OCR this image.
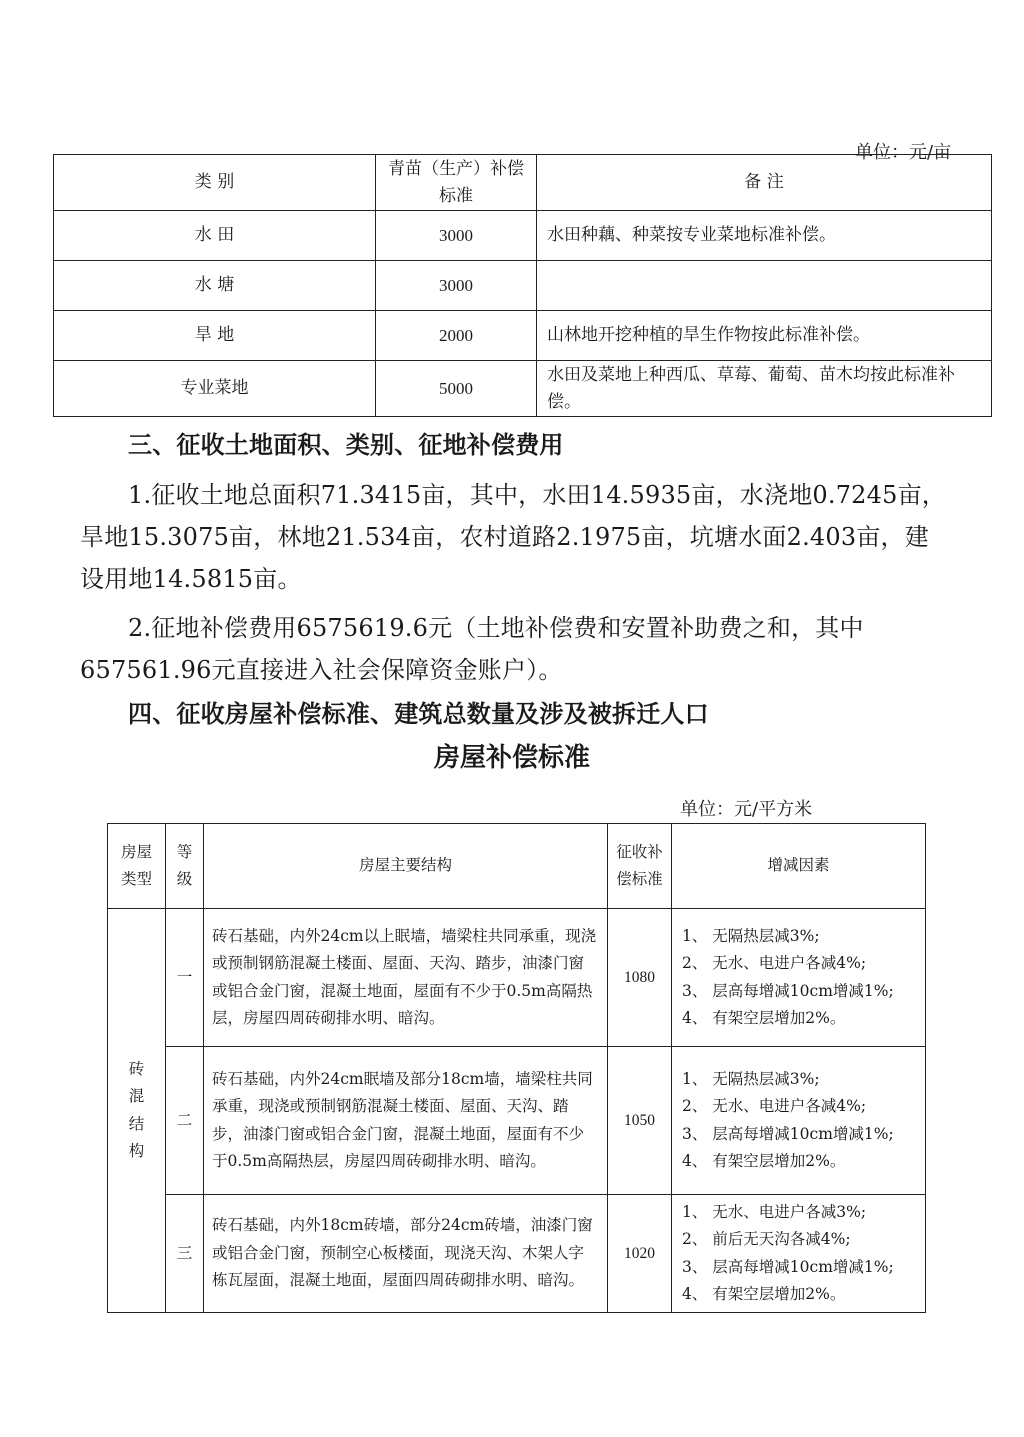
单位：元/亩
类 别	青苗（生产）补偿标准	备 注
水 田	3000	水田种藕、种菜按专业菜地标准补偿。
水 塘	3000	
旱 地	2000	山林地开挖种植的旱生作物按此标准补偿。
专业菜地	5000	水田及菜地上种西瓜、草莓、葡萄、苗木均按此标准补偿。
三、征收土地面积、类别、征地补偿费用
1.征收土地总面积71.3415亩，其中，水田14.5935亩，水浇地0.7245亩，旱地15.3075亩，林地21.534亩，农村道路2.1975亩，坑塘水面2.403亩，建设用地14.5815亩。
2.征地补偿费用6575619.6元（土地补偿费和安置补助费之和，其中657561.96元直接进入社会保障资金账户）。
四、征收房屋补偿标准、建筑总数量及涉及被拆迁人口
房屋补偿标准
单位：元/平方米
房屋类型	等级	房屋主要结构	征收补偿标准	增减因素
砖混结构	一	砖石基础，内外24cm以上眠墙，墙梁柱共同承重，现浇或预制钢筋混凝土楼面、屋面、天沟、踏步，油漆门窗或铝合金门窗，混凝土地面，屋面有不少于0.5m高隔热层，房屋四周砖砌排水明、暗沟。	1080	1、 无隔热层减3%;
2、 无水、电进户各减4%;
3、 层高每增减10cm增减1%;
4、 有架空层增加2%。

	二	砖石基础，内外24cm眠墙及部分18cm墙，墙梁柱共同承重，现浇或预制钢筋混凝土楼面、屋面、天沟、踏步，油漆门窗或铝合金门窗，混凝土地面，屋面有不少于0.5m高隔热层，房屋四周砖砌排水明、暗沟。	1050	1、 无隔热层减3%;
2、 无水、电进户各减4%;
3、 层高每增减10cm增减1%;
4、 有架空层增加2%。

	三	砖石基础，内外18cm砖墙，部分24cm砖墙，油漆门窗或铝合金门窗，预制空心板楼面，现浇天沟、木架人字栋瓦屋面，混凝土地面，屋面四周砖砌排水明、暗沟。	1020	1、 无水、电进户各减3%;
2、 前后无天沟各减4%;
3、 层高每增减10cm增减1%;
4、 有架空层增加2%。
